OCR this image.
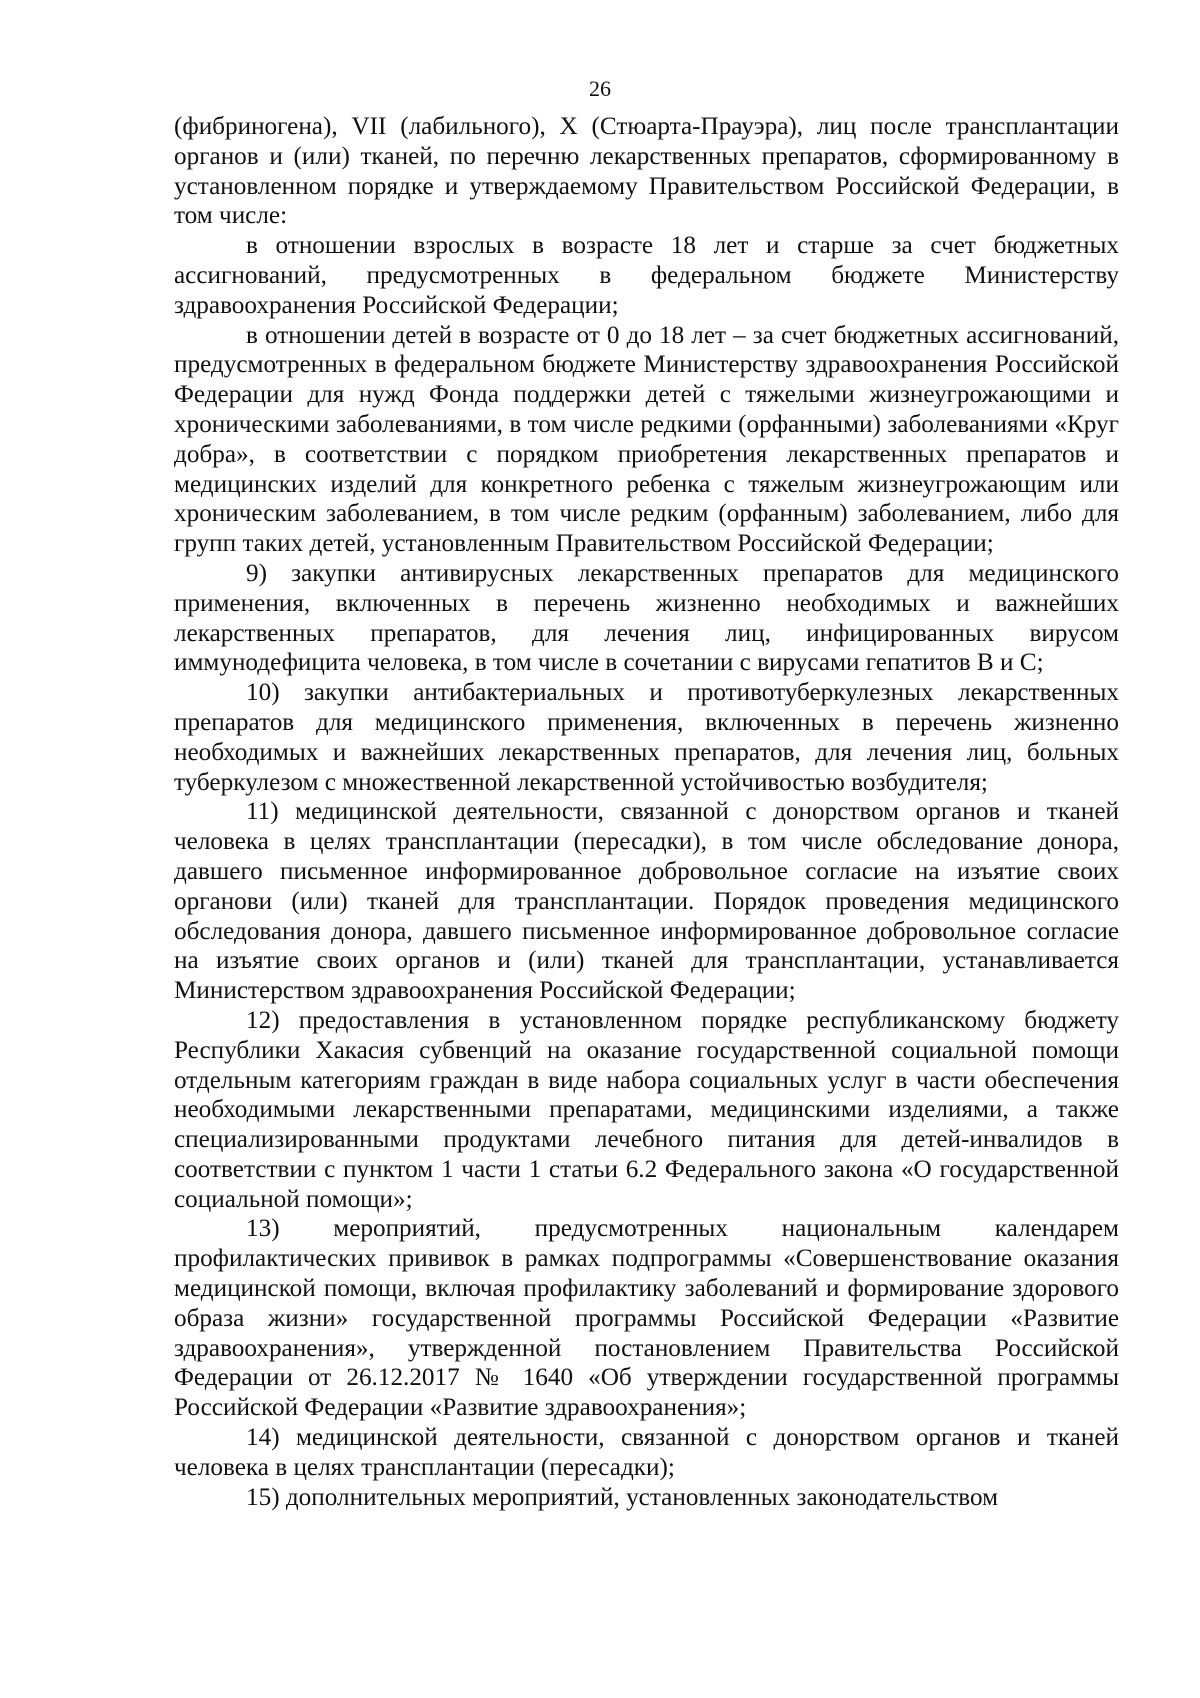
26

(фибриногена), VII (лабильного), X (Стюарта-Прауэра), лиц после трансплантации органов и (или) тканей, по перечню лекарственных препаратов, сформированному в установленном порядке и утверждаемому Правительством Российской Федерации, в том числе:

в отношении взрослых в возрасте 18 лет и старше за счет бюджетных ассигнований, предусмотренных в федеральном бюджете Министерству здравоохранения Российской Федерации;

в отношении детей в возрасте от 0 до 18 лет – за счет бюджетных ассигнований, предусмотренных в федеральном бюджете Министерству здравоохранения Российской Федерации для нужд Фонда поддержки детей с тяжелыми жизнеугрожающими и хроническими заболеваниями, в том числе редкими (орфанными) заболеваниями «Круг добра», в соответствии с порядком приобретения лекарственных препаратов и медицинских изделий для конкретного ребенка с тяжелым жизнеугрожающим или хроническим заболеванием, в том числе редким (орфанным) заболеванием, либо для групп таких детей, установленным Правительством Российской Федерации;

9) закупки антивирусных лекарственных препаратов для медицинского применения, включенных в перечень жизненно необходимых и важнейших лекарственных препаратов, для лечения лиц, инфицированных вирусом иммунодефицита человека, в том числе в сочетании с вирусами гепатитов B и C;

10) закупки антибактериальных и противотуберкулезных лекарственных препаратов для медицинского применения, включенных в перечень жизненно необходимых и важнейших лекарственных препаратов, для лечения лиц, больных туберкулезом с множественной лекарственной устойчивостью возбудителя;

11) медицинской деятельности, связанной с донорством органов и тканей человека в целях трансплантации (пересадки), в том числе обследование донора, давшего письменное информированное добровольное согласие на изъятие своих органови (или) тканей для трансплантации. Порядок проведения медицинского обследования донора, давшего письменное информированное добровольное согласие на изъятие своих органов и (или) тканей для трансплантации, устанавливается Министерством здравоохранения Российской Федерации;

12) предоставления в установленном порядке республиканскому бюджету Республики Хакасия субвенций на оказание государственной социальной помощи отдельным категориям граждан в виде набора социальных услуг в части обеспечения необходимыми лекарственными препаратами, медицинскими изделиями, а также специализированными продуктами лечебного питания для детей-инвалидов в соответствии с пунктом 1 части 1 статьи 6.2 Федерального закона «О государственной социальной помощи»;

13) мероприятий, предусмотренных национальным календарем профилактических прививок в рамках подпрограммы «Совершенствование оказания медицинской помощи, включая профилактику заболеваний и формирование здорового образа жизни» государственной программы Российской Федерации «Развитие здравоохранения», утвержденной постановлением Правительства Российской Федерации от 26.12.2017 № 1640 «Об утверждении государственной программы Российской Федерации «Развитие здравоохранения»;

14) медицинской деятельности, связанной с донорством органов и тканей человека в целях трансплантации (пересадки);

15) дополнительных мероприятий, установленных законодательством
